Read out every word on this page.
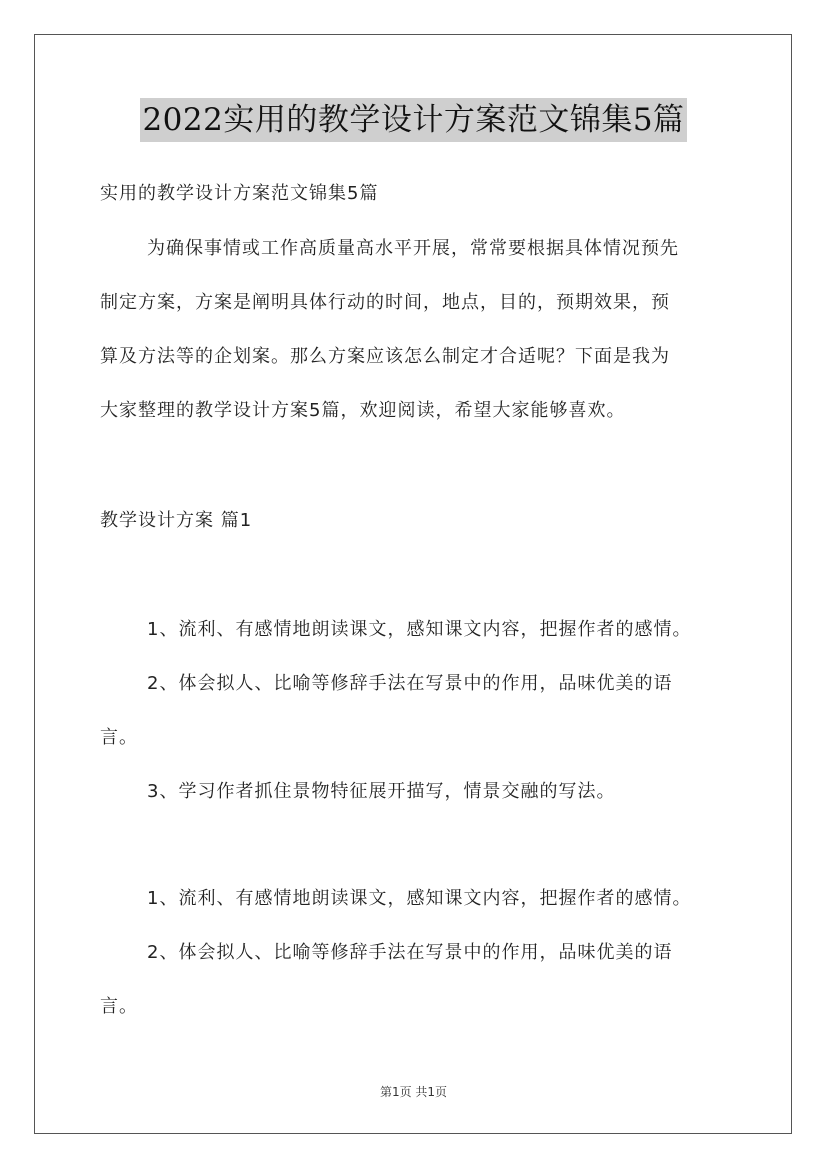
2022实用的教学设计方案范文锦集5篇
实用的教学设计方案范文锦集5篇
为确保事情或工作高质量高水平开展，常常要根据具体情况预先
制定方案，方案是阐明具体行动的时间，地点，目的，预期效果，预
算及方法等的企划案。那么方案应该怎么制定才合适呢？下面是我为
大家整理的教学设计方案5篇，欢迎阅读，希望大家能够喜欢。
教学设计方案 篇1
1、流利、有感情地朗读课文，感知课文内容，把握作者的感情。
2、体会拟人、比喻等修辞手法在写景中的作用，品味优美的语
言。
3、学习作者抓住景物特征展开描写，情景交融的写法。
1、流利、有感情地朗读课文，感知课文内容，把握作者的感情。
2、体会拟人、比喻等修辞手法在写景中的作用，品味优美的语
言。
第1页 共1页
